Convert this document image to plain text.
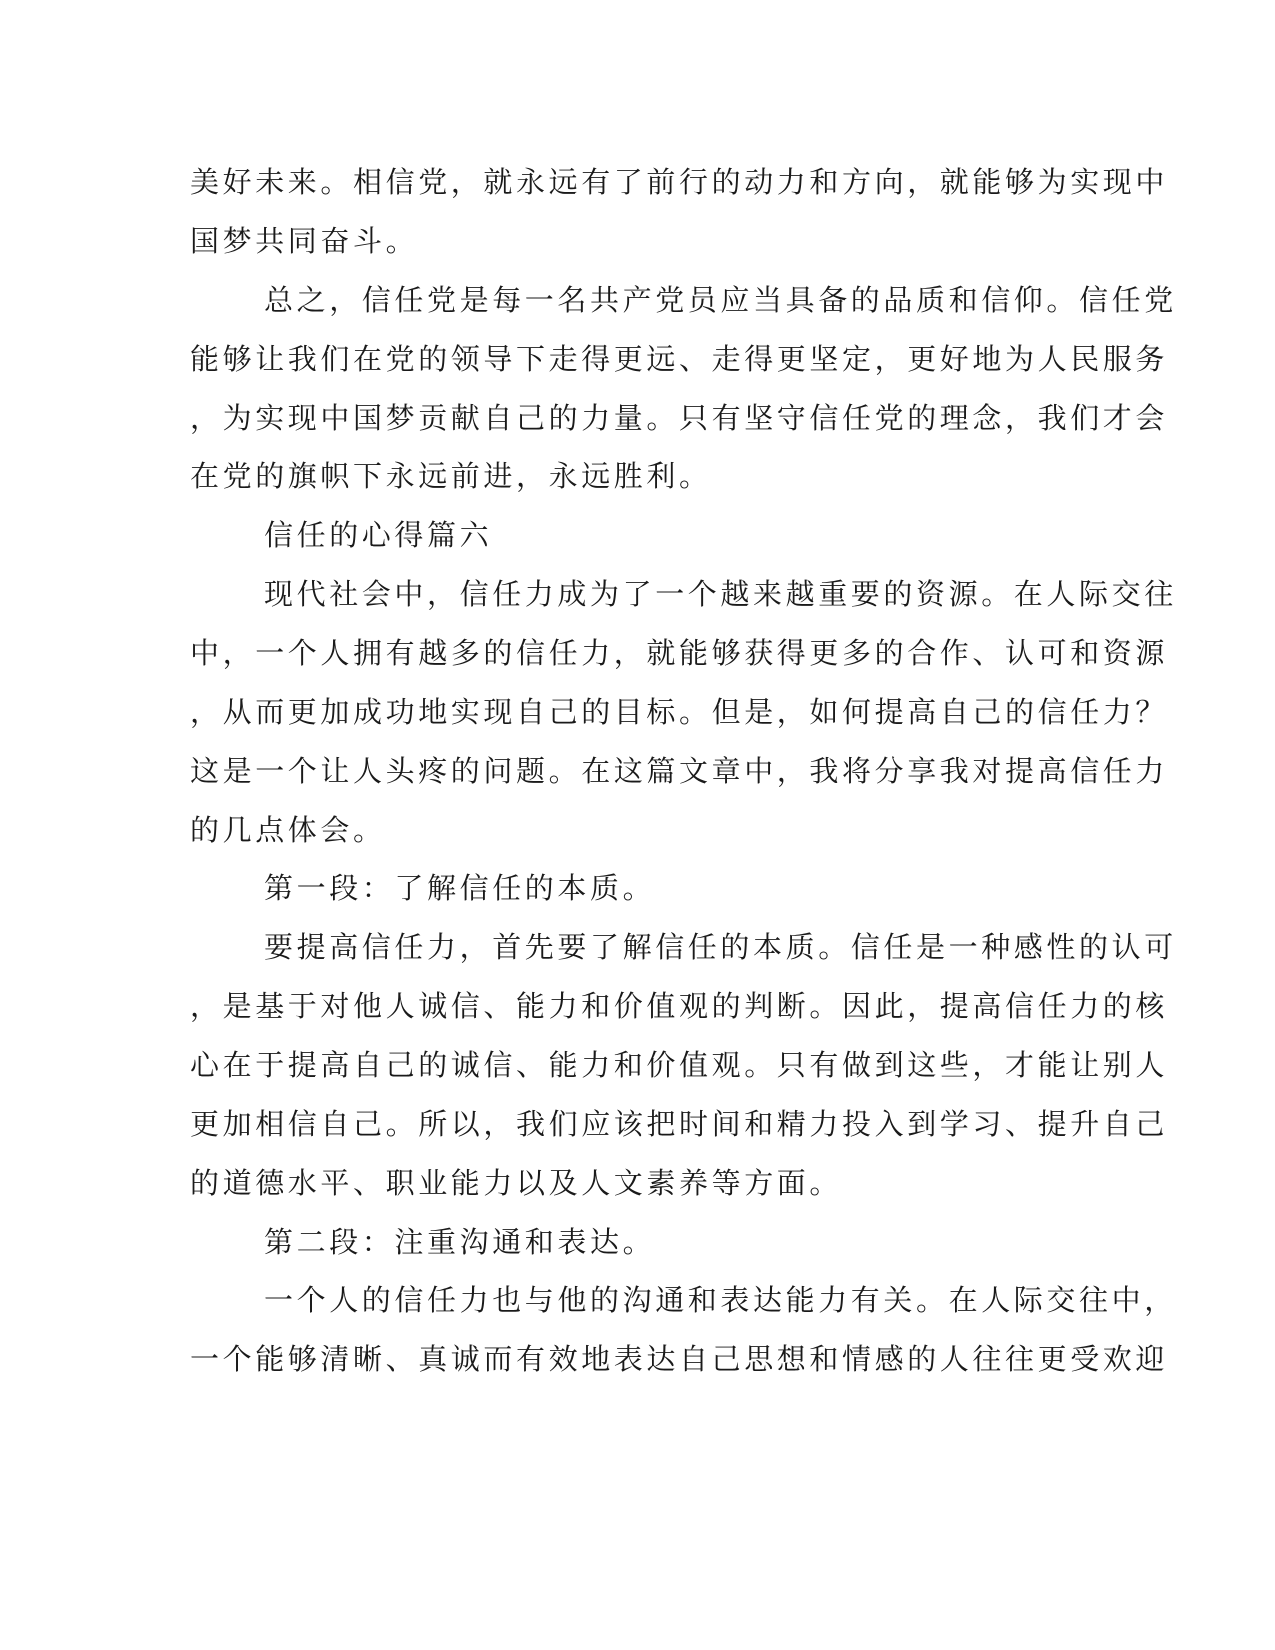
美好未来。相信党，就永远有了前行的动力和方向，就能够为实现中
国梦共同奋斗。
总之，信任党是每一名共产党员应当具备的品质和信仰。信任党
能够让我们在党的领导下走得更远、走得更坚定，更好地为人民服务
，为实现中国梦贡献自己的力量。只有坚守信任党的理念，我们才会
在党的旗帜下永远前进，永远胜利。
信任的心得篇六
现代社会中，信任力成为了一个越来越重要的资源。在人际交往
中，一个人拥有越多的信任力，就能够获得更多的合作、认可和资源
，从而更加成功地实现自己的目标。但是，如何提高自己的信任力？
这是一个让人头疼的问题。在这篇文章中，我将分享我对提高信任力
的几点体会。
第一段：了解信任的本质。
要提高信任力，首先要了解信任的本质。信任是一种感性的认可
，是基于对他人诚信、能力和价值观的判断。因此，提高信任力的核
心在于提高自己的诚信、能力和价值观。只有做到这些，才能让别人
更加相信自己。所以，我们应该把时间和精力投入到学习、提升自己
的道德水平、职业能力以及人文素养等方面。
第二段：注重沟通和表达。
一个人的信任力也与他的沟通和表达能力有关。在人际交往中，
一个能够清晰、真诚而有效地表达自己思想和情感的人往往更受欢迎
